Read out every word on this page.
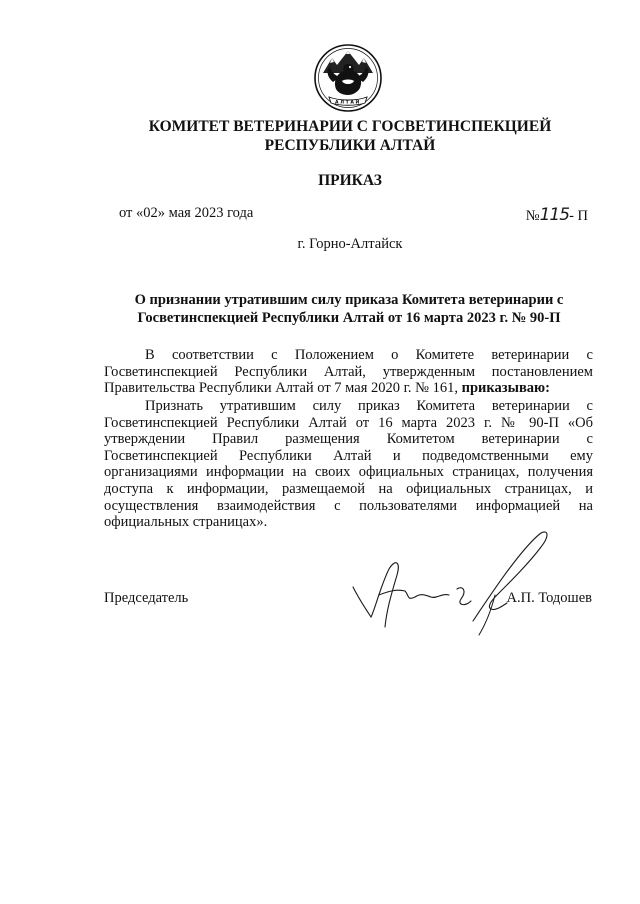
АЛТАЙ
КОМИТЕТ ВЕТЕРИНАРИИ С ГОСВЕТИНСПЕКЦИЕЙ
РЕСПУБЛИКИ АЛТАЙ
ПРИКАЗ
от «02» мая 2023 года	№115- П
г. Горно-Алтайск
О признании утратившим силу приказа Комитета ветеринарии с
Госветинспекцией Республики Алтай от 16 марта 2023 г. № 90-П
В соответствии с Положением о Комитете ветеринарии с Госветинспекцией Республики Алтай, утвержденным постановлением Правительства Республики Алтай от 7 мая 2020 г. № 161, приказываю:
Признать утратившим силу приказ Комитета ветеринарии с Госветинспекцией Республики Алтай от 16 марта 2023 г. № 90-П «Об утверждении Правил размещения Комитетом ветеринарии с Госветинспекцией Республики Алтай и подведомственными ему организациями информации на своих официальных страницах, получения доступа к информации, размещаемой на официальных страницах, и осуществления взаимодействия с пользователями информацией на официальных страницах».
Председатель	А.П. Тодошев
